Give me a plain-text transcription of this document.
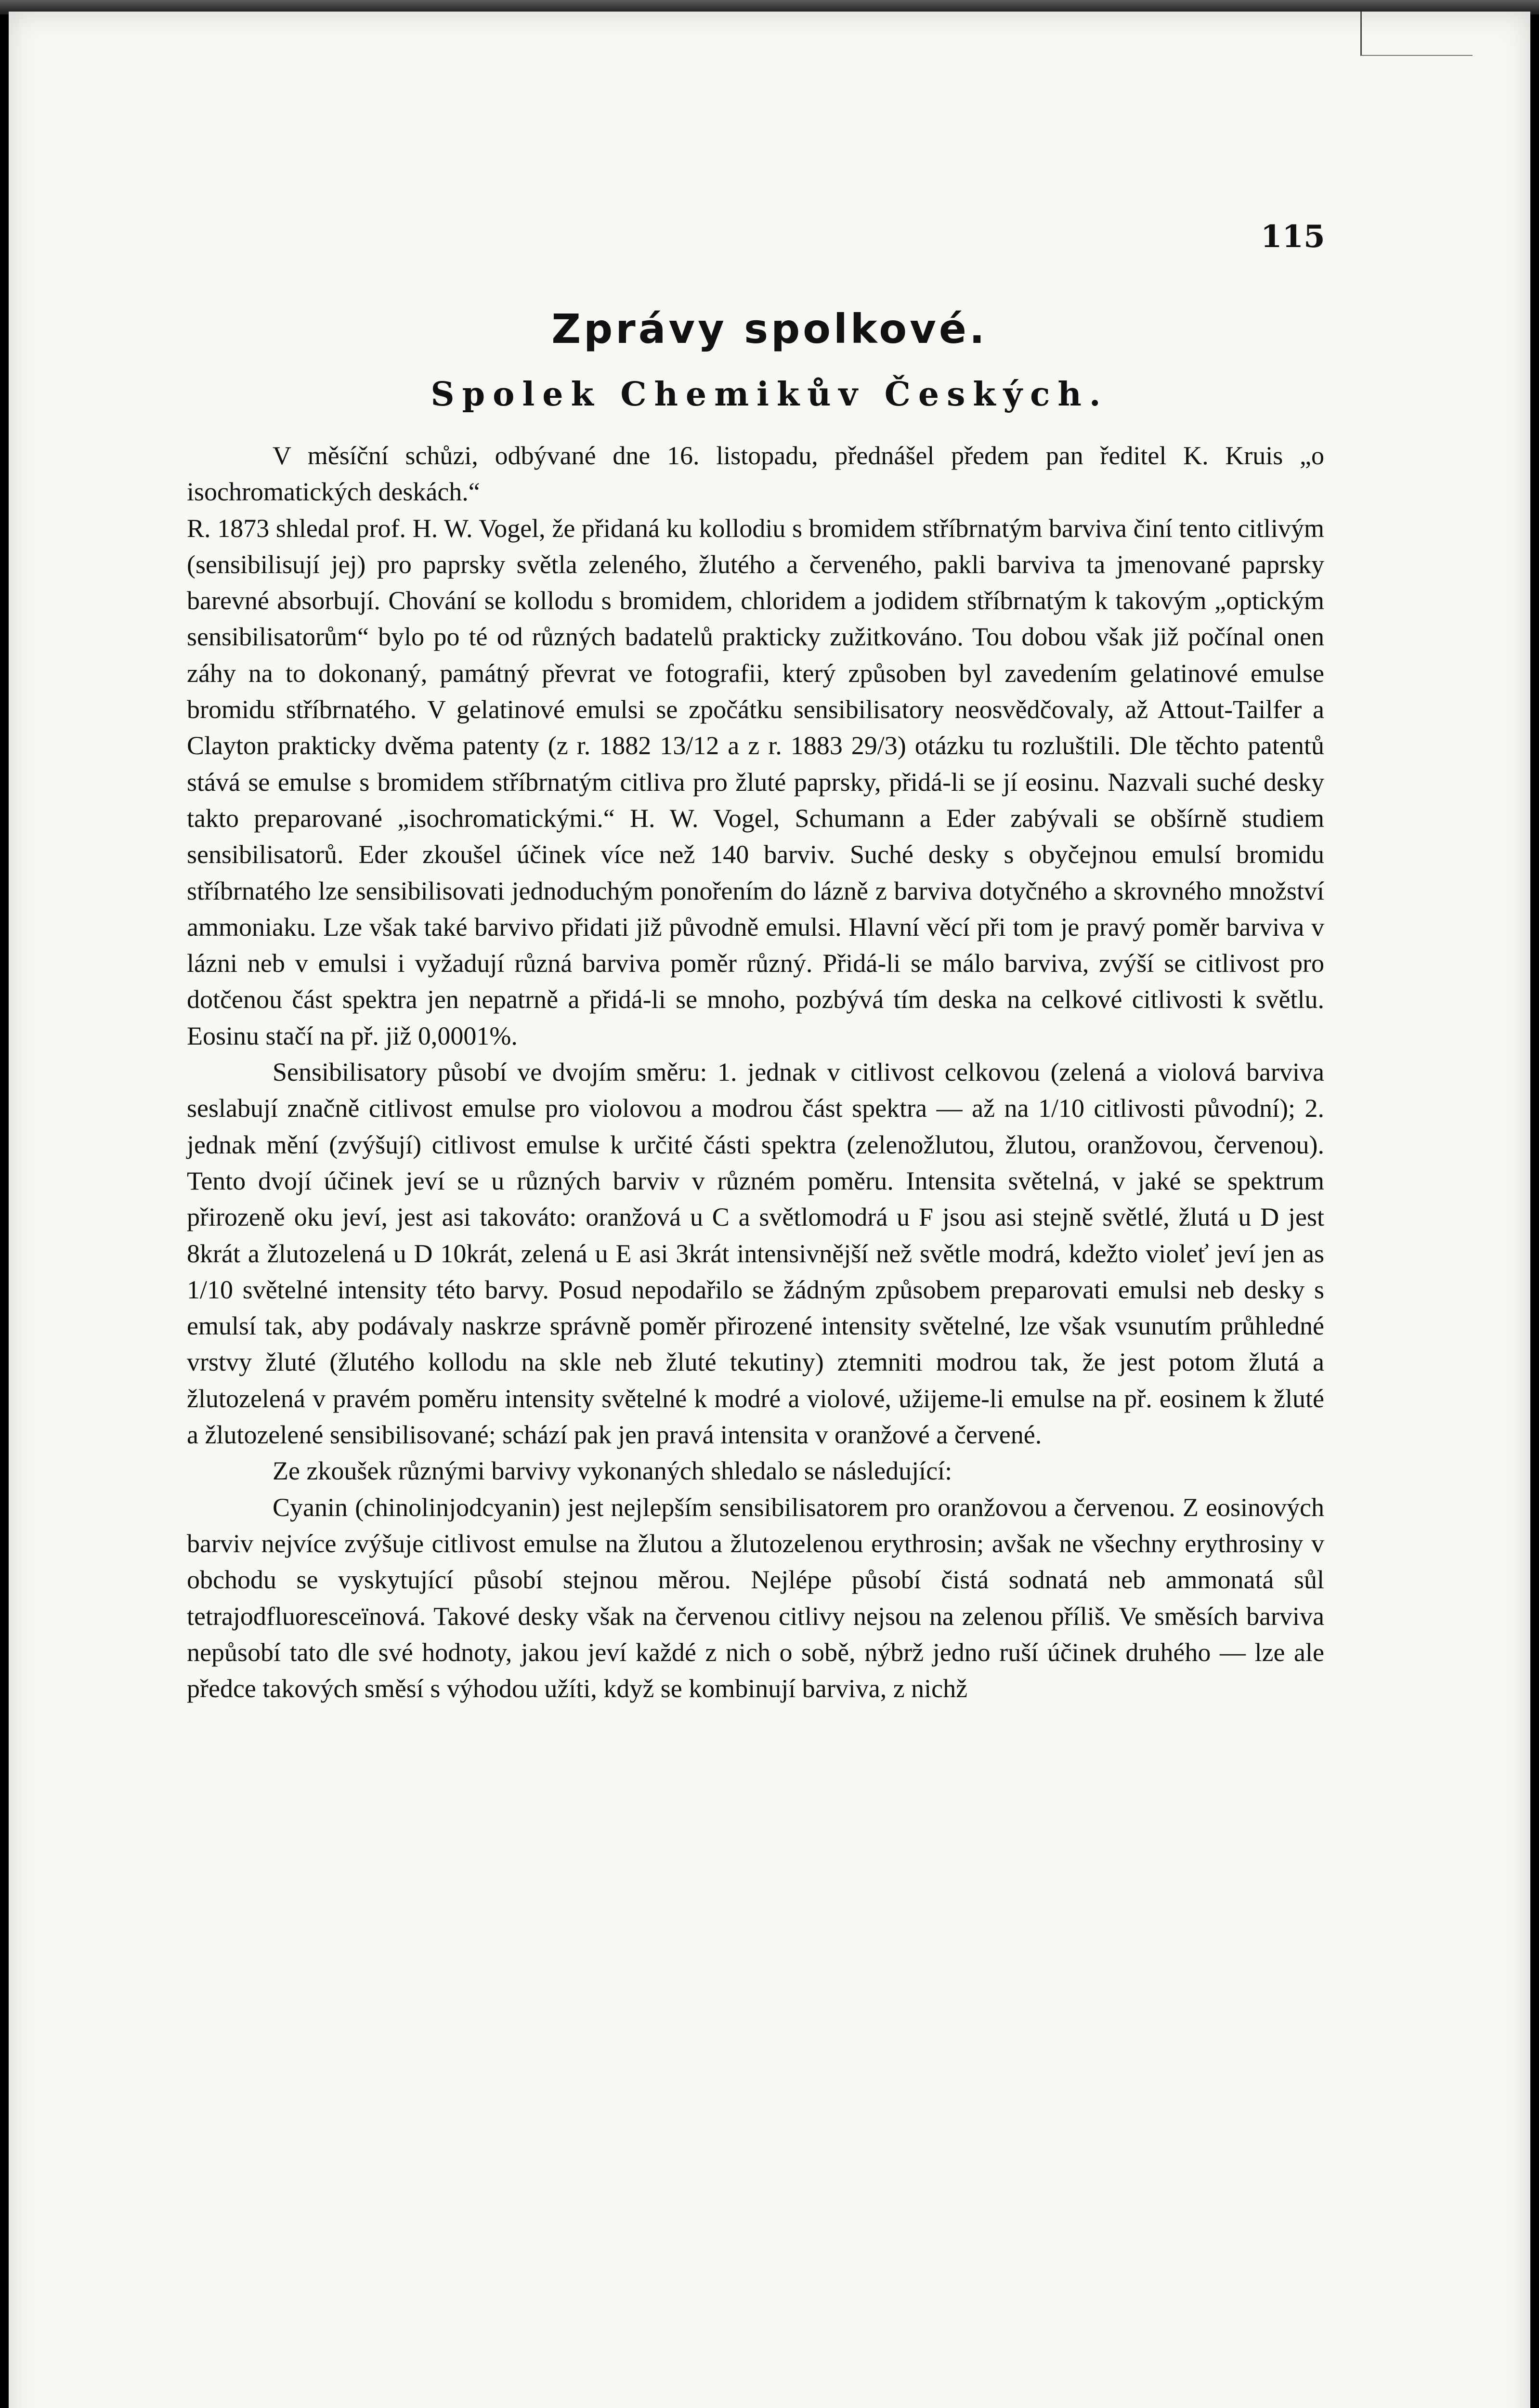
115
Zprávy spolkové.
Spolek Chemikův Českých.

V měsíční schůzi, odbývané dne 16. listopadu, přednášel předem pan ředitel K. Kruis „o isochromatických deskách.“

R. 1873 shledal prof. H. W. Vogel, že přidaná ku kollodiu s bromidem stříbrnatým barviva činí tento citlivým (sensibilisují jej) pro paprsky světla zeleného, žlutého a červeného, pakli barviva ta jmenované paprsky barevné absorbují. Chování se kollodu s bromidem, chloridem a jodidem stříbrnatým k takovým „optickým sensibilisatorům“ bylo po té od různých badatelů prakticky zužitkováno. Tou dobou však již počínal onen záhy na to dokonaný, památný převrat ve fotografii, který způsoben byl zavedením gelatinové emulse bromidu stříbrnatého. V gelatinové emulsi se zpočátku sensibilisatory neosvědčovaly, až Attout-Tailfer a Clayton prakticky dvěma patenty (z r. 1882 13/12 a z r. 1883 29/3) otázku tu rozluštili. Dle těchto patentů stává se emulse s bromidem stříbrnatým citliva pro žluté paprsky, přidá-li se jí eosinu. Nazvali suché desky takto preparované „isochromatickými.“ H. W. Vogel, Schumann a Eder zabývali se obšírně studiem sensibilisatorů. Eder zkoušel účinek více než 140 barviv. Suché desky s obyčejnou emulsí bromidu stříbrnatého lze sensibilisovati jednoduchým ponořením do lázně z barviva dotyčného a skrovného množství ammoniaku. Lze však také barvivo přidati již původně emulsi. Hlavní věcí při tom je pravý poměr barviva v lázni neb v emulsi i vyžadují různá barviva poměr různý. Přidá-li se málo barviva, zvýší se citlivost pro dotčenou část spektra jen nepatrně a přidá-li se mnoho, pozbývá tím deska na celkové citlivosti k světlu. Eosinu stačí na př. již 0,0001%.

Sensibilisatory působí ve dvojím směru: 1. jednak v citlivost celkovou (zelená a violová barviva seslabují značně citlivost emulse pro violovou a modrou část spektra — až na 1/10 citlivosti původní); 2. jednak mění (zvýšují) citlivost emulse k určité části spektra (zelenožlutou, žlutou, oranžovou, červenou). Tento dvojí účinek jeví se u různých barviv v různém poměru. Intensita světelná, v jaké se spektrum přirozeně oku jeví, jest asi takováto: oranžová u C a světlomodrá u F jsou asi stejně světlé, žlutá u D jest 8krát a žlutozelená u D 10krát, zelená u E asi 3krát intensivnější než světle modrá, kdežto violeť jeví jen as 1/10 světelné intensity této barvy. Posud nepodařilo se žádným způsobem preparovati emulsi neb desky s emulsí tak, aby podávaly naskrze správně poměr přirozené intensity světelné, lze však vsunutím průhledné vrstvy žluté (žlutého kollodu na skle neb žluté tekutiny) ztemniti modrou tak, že jest potom žlutá a žlutozelená v pravém poměru intensity světelné k modré a violové, užijeme-li emulse na př. eosinem k žluté a žlutozelené sensibilisované; schází pak jen pravá intensita v oranžové a červené.

Ze zkoušek různými barvivy vykonaných shledalo se následující:

Cyanin (chinolinjodcyanin) jest nejlepším sensibilisatorem pro oranžovou a červenou. Z eosinových barviv nejvíce zvýšuje citlivost emulse na žlutou a žlutozelenou erythrosin; avšak ne všechny erythrosiny v obchodu se vyskytující působí stejnou měrou. Nejlépe působí čistá sodnatá neb ammonatá sůl tetrajodfluoresceïnová. Takové desky však na červenou citlivy nejsou na zelenou příliš. Ve směsích barviva nepůsobí tato dle své hodnoty, jakou jeví každé z nich o sobě, nýbrž jedno ruší účinek druhého — lze ale předce takových směsí s výhodou užíti, když se kombinují barviva, z nichž
